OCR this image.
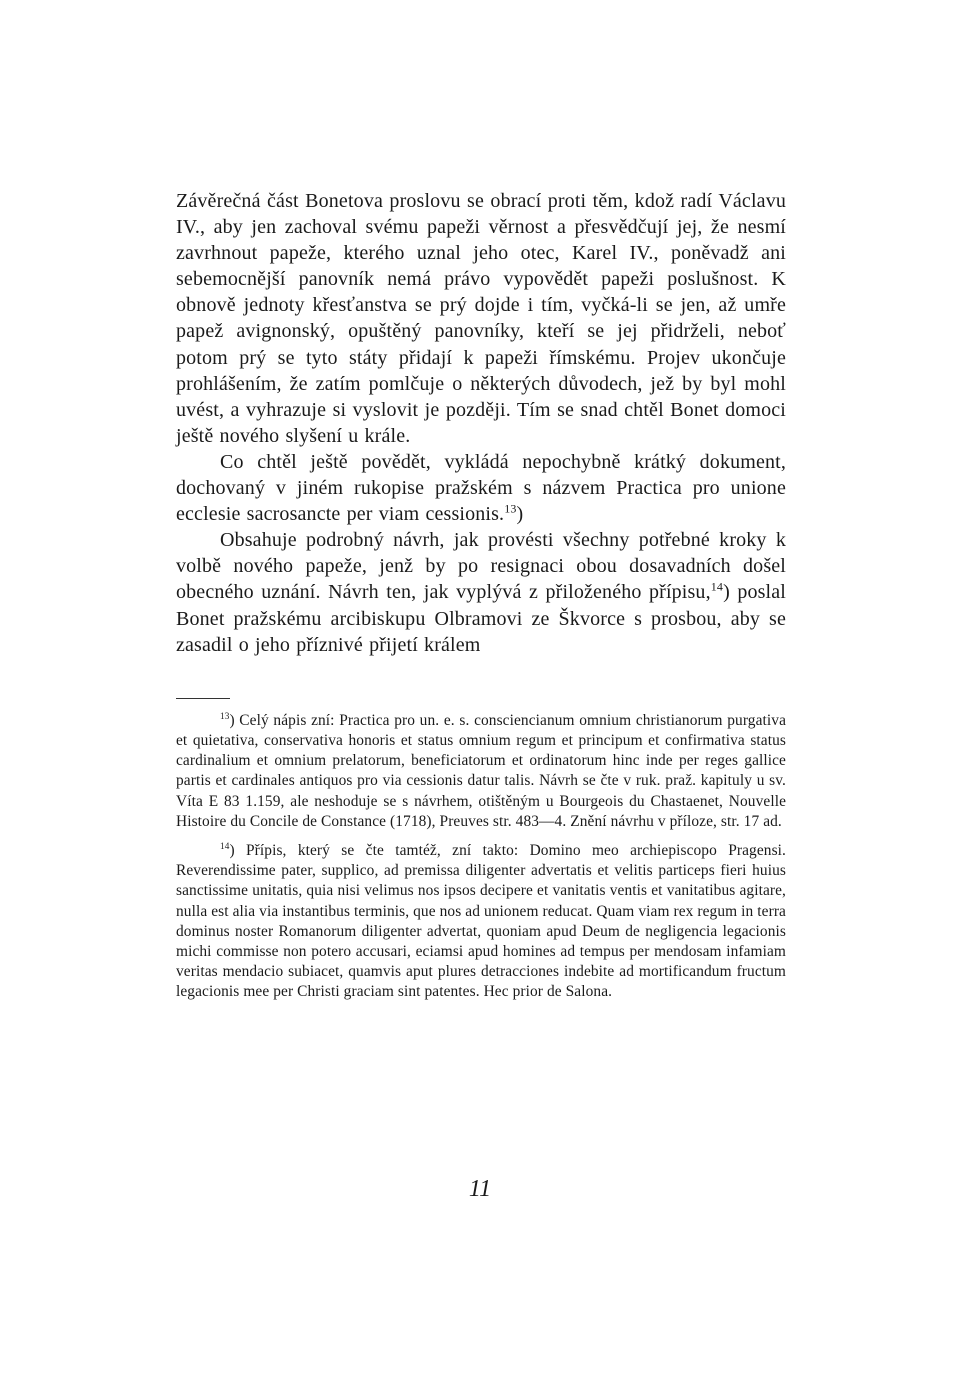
Závěrečná část Bonetova proslovu se obrací proti těm, kdož radí Václavu IV., aby jen zachoval svému papeži věrnost a přesvědčují jej, že nesmí zavrhnout papeže, kterého uznal jeho otec, Karel IV., poněvadž ani sebemocnější panovník nemá právo vypovědět papeži poslušnost. K obnově jednoty křesťanstva se prý dojde i tím, vyčká-li se jen, až umře papež avignonský, opuštěný panovníky, kteří se jej přidrželi, neboť potom prý se tyto státy přidají k papeži římskému. Projev ukončuje prohlášením, že zatím pomlčuje o některých důvodech, jež by byl mohl uvést, a vyhrazuje si vyslovit je později. Tím se snad chtěl Bonet domoci ještě nového slyšení u krále.

Co chtěl ještě povědět, vykládá nepochybně krátký dokument, dochovaný v jiném rukopise pražském s názvem Practica pro unione ecclesie sacrosancte per viam cessionis.$^{13}$)

Obsahuje podrobný návrh, jak provésti všechny potřebné kroky k volbě nového papeže, jenž by po resignaci obou dosavadních došel obecného uznání. Návrh ten, jak vyplývá z přiloženého přípisu,$^{14}$) poslal Bonet pražskému arcibiskupu Olbramovi ze Škvorce s prosbou, aby se zasadil o jeho příznivé přijetí králem

$^{13}$) Celý nápis zní: Practica pro un. e. s. consciencianum omnium christianorum purgativa et quietativa, conservativa honoris et status omnium regum et principum et confirmativa status cardinalium et omnium prelatorum, beneficiatorum et ordinatorum hinc inde per reges gallice partis et cardinales antiquos pro via cessionis datur talis. Návrh se čte v ruk. praž. kapituly u sv. Víta E 83 1.159, ale neshoduje se s návrhem, otištěným u Bourgeois du Chastaenet, Nouvelle Histoire du Concile de Constance (1718), Preuves str. 483—4. Znění návrhu v příloze, str. 17 ad.

$^{14}$) Přípis, který se čte tamtéž, zní takto: Domino meo archiepiscopo Pragensi. Reverendissime pater, supplico, ad premissa diligenter advertatis et velitis particeps fieri huius sanctissime unitatis, quia nisi velimus nos ipsos decipere et vanitatis ventis et vanitatibus agitare, nulla est alia via instantibus terminis, que nos ad unionem reducat. Quam viam rex regum in terra dominus noster Romanorum diligenter advertat, quoniam apud Deum de negligencia legacionis michi commisse non potero accusari, eciamsi apud homines ad tempus per mendosam infamiam veritas mendacio subiacet, quamvis aput plures detracciones indebite ad mortificandum fructum legacionis mee per Christi graciam sint patentes. Hec prior de Salona.

11
